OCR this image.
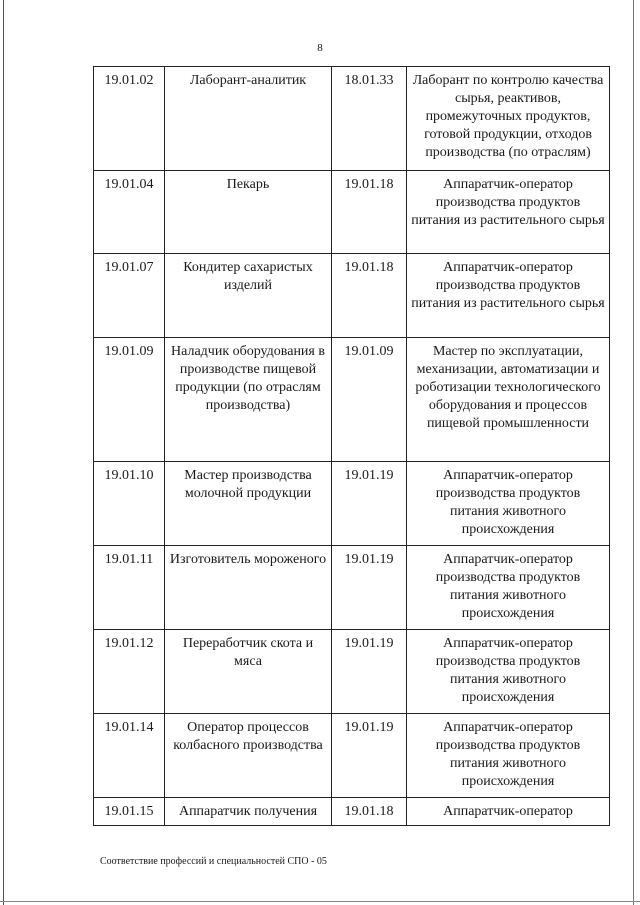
8
19.01.02	Лаборант-аналитик	18.01.33	Лаборант по контролю качества сырья, реактивов, промежуточных продуктов, готовой продукции, отходов производства (по отраслям)
19.01.04	Пекарь	19.01.18	Аппаратчик-оператор производства продуктов питания из растительного сырья
19.01.07	Кондитер сахаристых изделий	19.01.18	Аппаратчик-оператор производства продуктов питания из растительного сырья
19.01.09	Наладчик оборудования в производстве пищевой продукции (по отраслям производства)	19.01.09	Мастер по эксплуатации, механизации, автоматизации и роботизации технологического оборудования и процессов пищевой промышленности
19.01.10	Мастер производства молочной продукции	19.01.19	Аппаратчик-оператор производства продуктов питания животного происхождения
19.01.11	Изготовитель мороженого	19.01.19	Аппаратчик-оператор производства продуктов питания животного происхождения
19.01.12	Переработчик скота и мяса	19.01.19	Аппаратчик-оператор производства продуктов питания животного происхождения
19.01.14	Оператор процессов колбасного производства	19.01.19	Аппаратчик-оператор производства продуктов питания животного происхождения
19.01.15	Аппаратчик получения	19.01.18	Аппаратчик-оператор
Соответствие профессий и специальностей СПО - 05
